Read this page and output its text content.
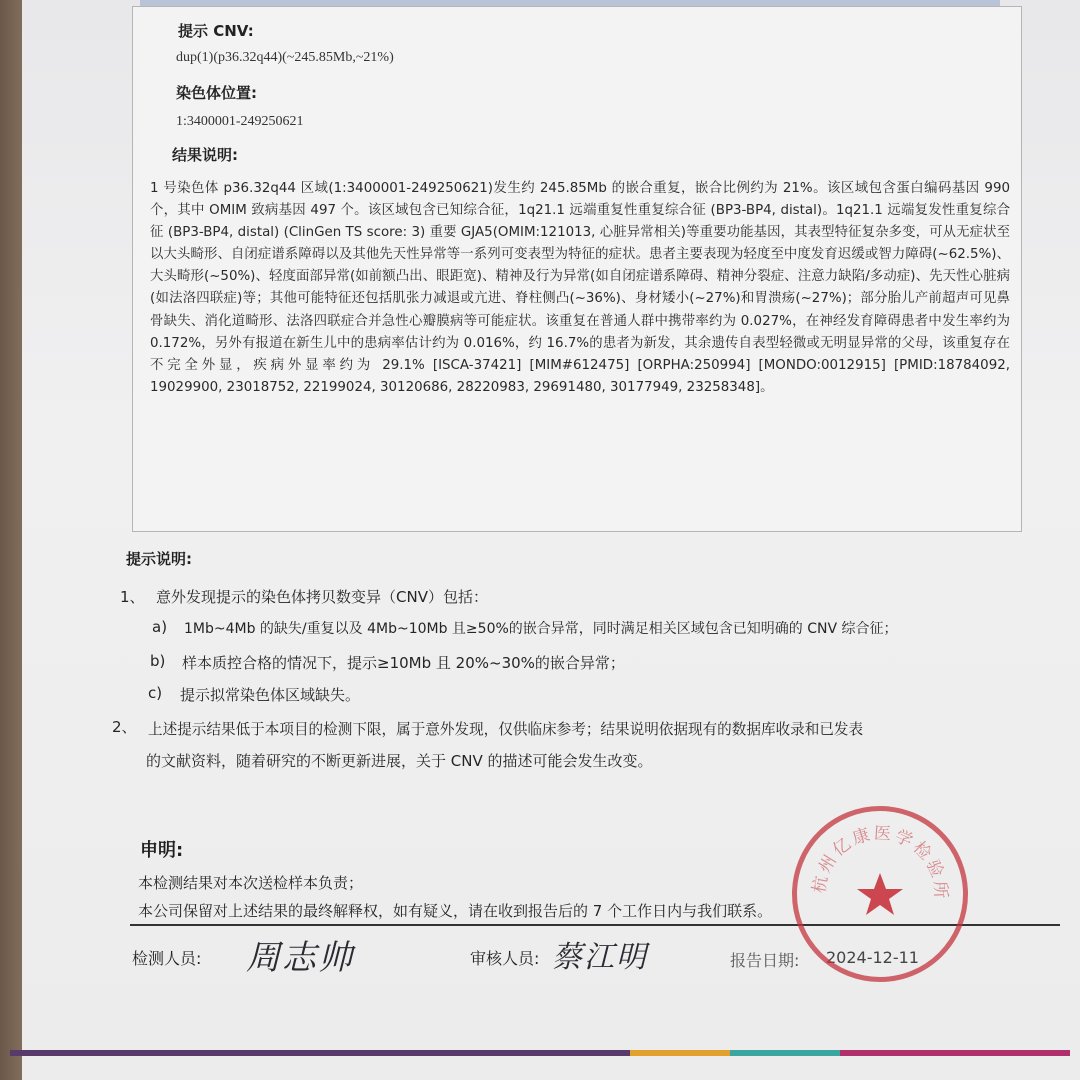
提示 CNV:
dup(1)(p36.32q44)(~245.85Mb,~21%)
染色体位置:
1:3400001-249250621
结果说明:

1 号染色体 p36.32q44 区域(1:3400001-249250621)发生约 245.85Mb 的嵌合重复，嵌合比例约为 21%。该区域包含蛋白编码基因 990 个，其中 OMIM 致病基因 497 个。该区域包含已知综合征，1q21.1 远端重复性重复综合征 (BP3-BP4, distal)。1q21.1 远端复发性重复综合征 (BP3-BP4, distal) (ClinGen TS score: 3) 重要 GJA5(OMIM:121013, 心脏异常相关)等重要功能基因，其表型特征复杂多变，可从无症状至以大头畸形、自闭症谱系障碍以及其他先天性异常等一系列可变表型为特征的症状。患者主要表现为轻度至中度发育迟缓或智力障碍(~62.5%)、大头畸形(~50%)、轻度面部异常(如前额凸出、眼距宽)、精神及行为异常(如自闭症谱系障碍、精神分裂症、注意力缺陷/多动症)、先天性心脏病(如法洛四联症)等；其他可能特征还包括肌张力减退或亢进、脊柱侧凸(~36%)、身材矮小(~27%)和胃溃疡(~27%)；部分胎儿产前超声可见鼻骨缺失、消化道畸形、法洛四联症合并急性心瓣膜病等可能症状。该重复在普通人群中携带率约为 0.027%，在神经发育障碍患者中发生率约为 0.172%，另外有报道在新生儿中的患病率估计约为 0.016%，约 16.7%的患者为新发，其余遗传自表型轻微或无明显异常的父母，该重复存在不完全外显，疾病外显率约为 29.1% [ISCA-37421] [MIM#612475] [ORPHA:250994] [MONDO:0012915] [PMID:18784092, 19029900, 23018752, 22199024, 30120686, 28220983, 29691480, 30177949, 23258348]。

提示说明:
1、 意外发现提示的染色体拷贝数变异（CNV）包括：
a) 1Mb~4Mb 的缺失/重复以及 4Mb~10Mb 且≥50%的嵌合异常，同时满足相关区域包含已知明确的 CNV 综合征；
b) 样本质控合格的情况下，提示≥10Mb 且 20%~30%的嵌合异常；
c) 提示拟常染色体区域缺失。
2、 上述提示结果低于本项目的检测下限，属于意外发现，仅供临床参考；结果说明依据现有的数据库收录和已发表
的文献资料，随着研究的不断更新进展，关于 CNV 的描述可能会发生改变。
申明:
本检测结果对本次送检样本负责；
本公司保留对上述结果的最终解释权，如有疑义，请在收到报告后的 7 个工作日内与我们联系。
检测人员: 周志帅	审核人员: 蔡江明	报告日期: 2024-12-11
杭州亿康医学检验所
